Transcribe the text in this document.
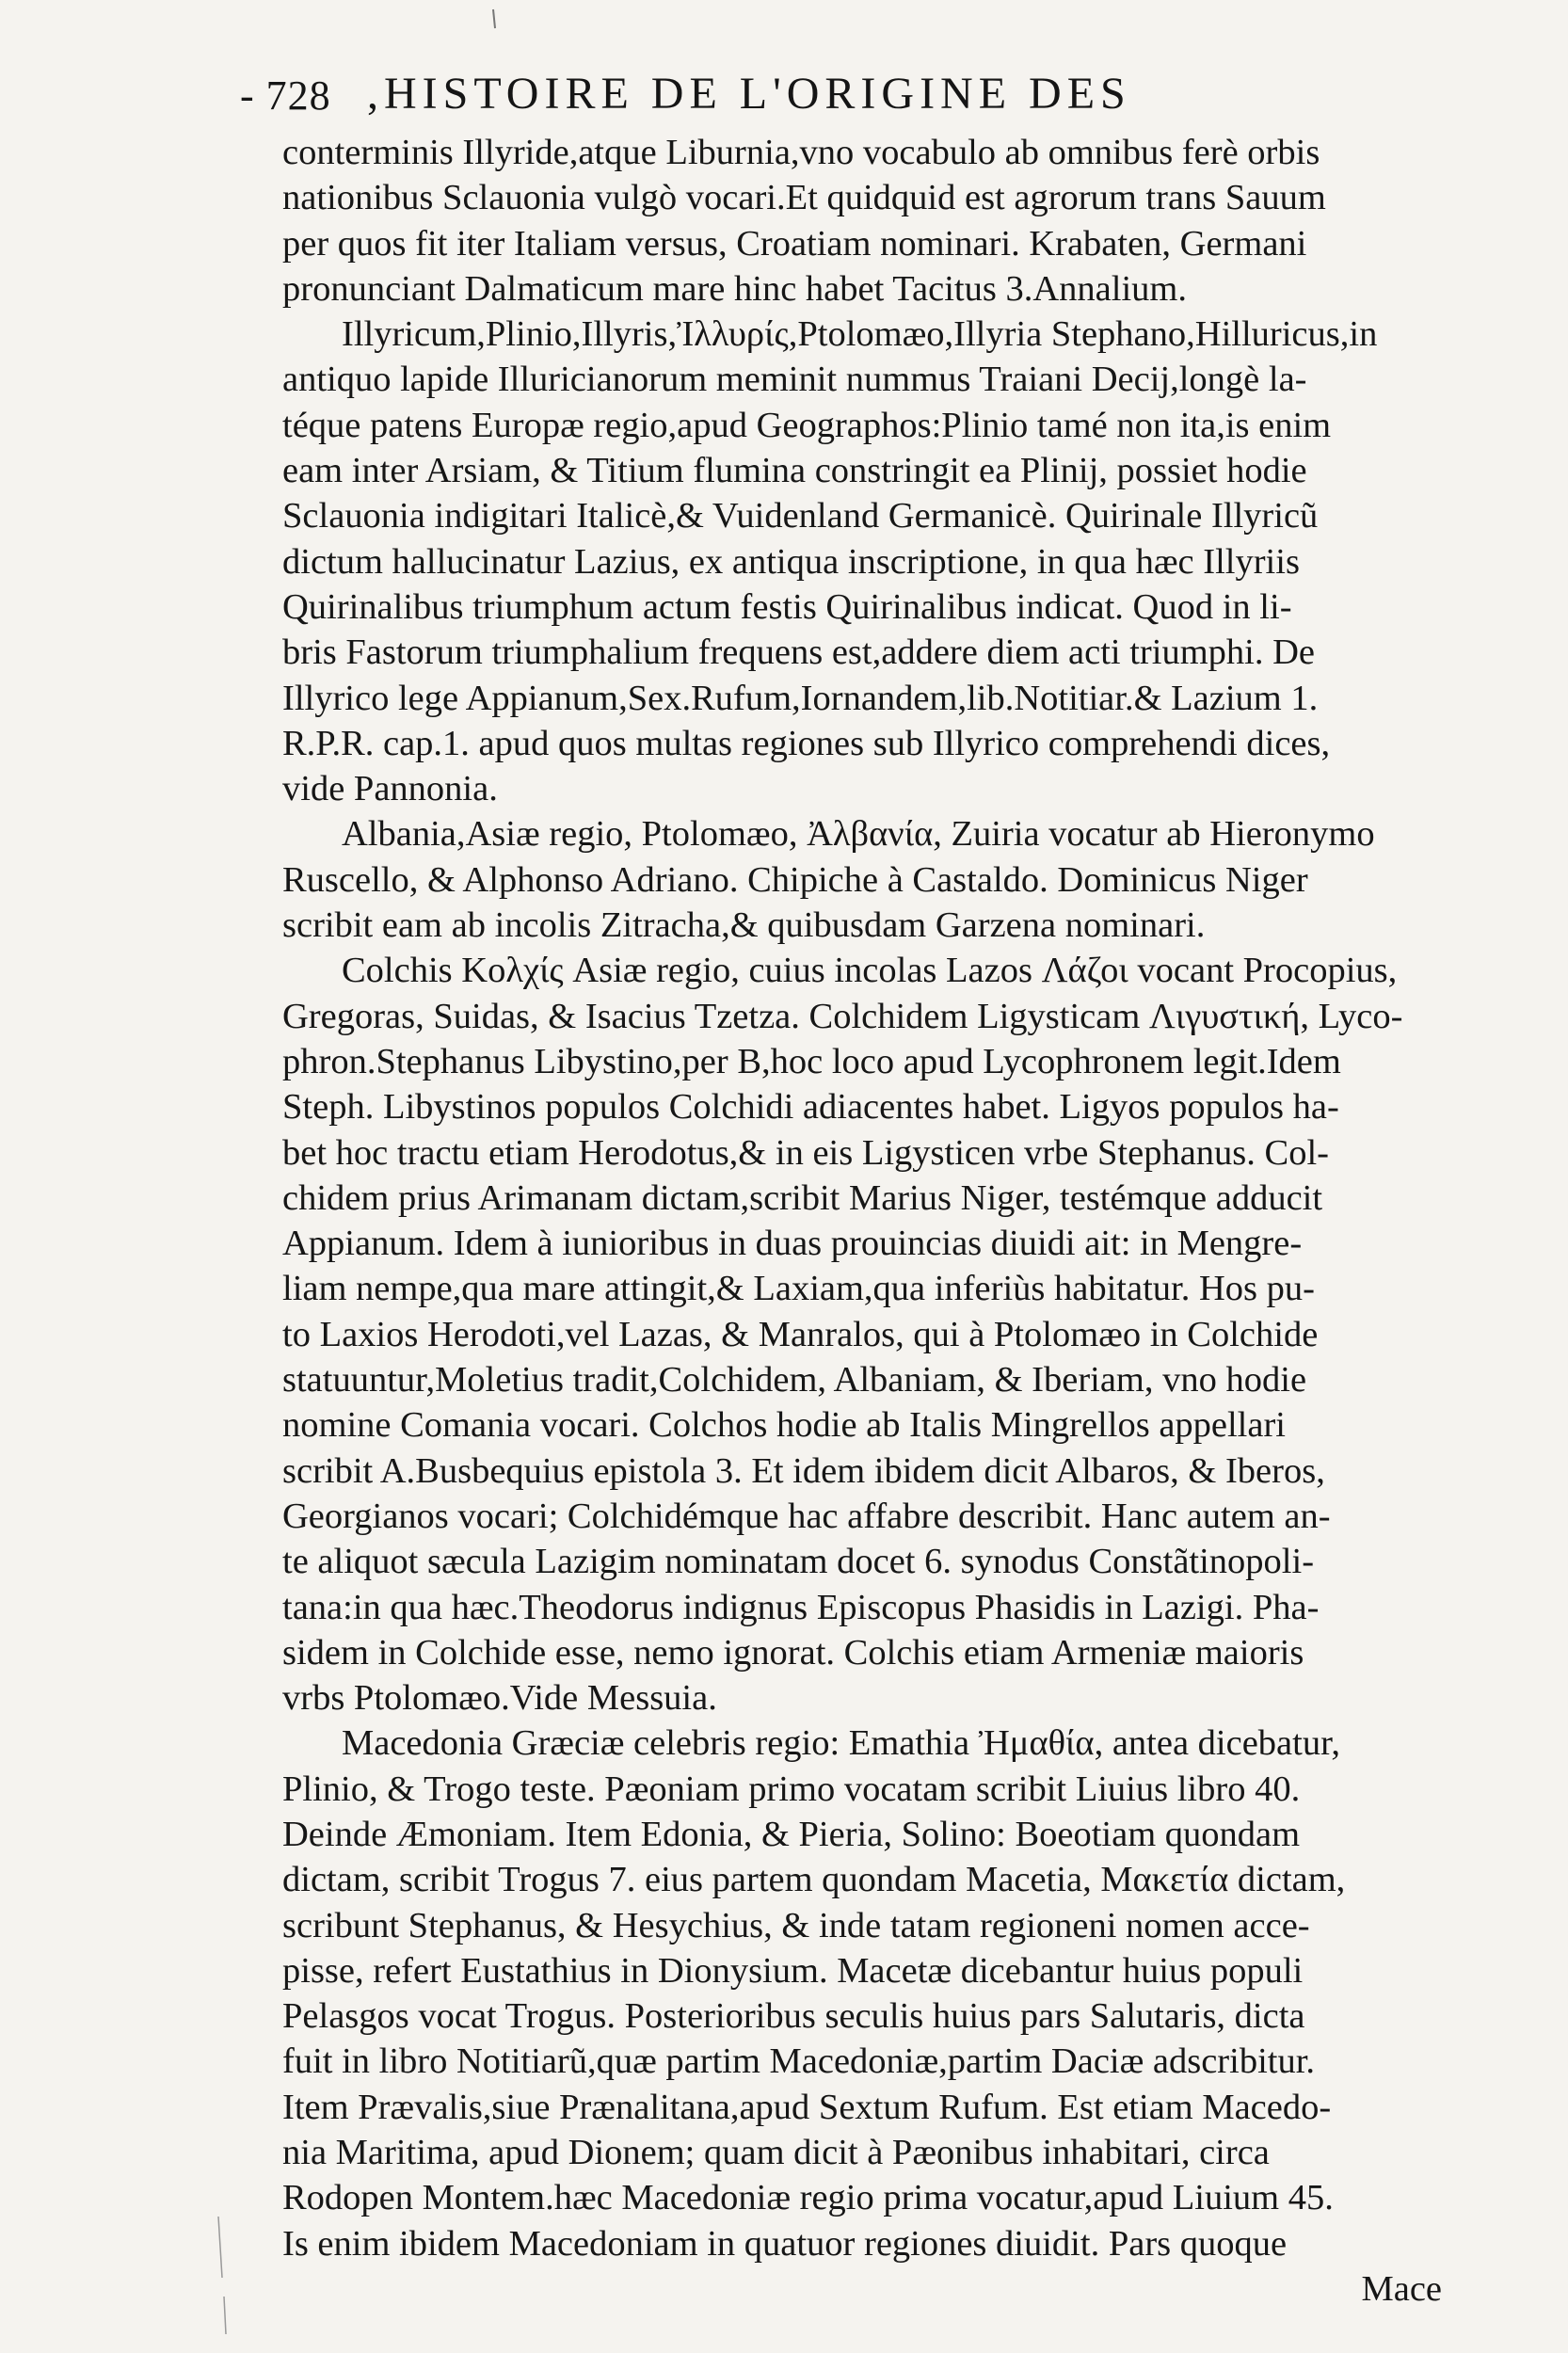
- 728 ,HISTOIRE DE L'ORIGINE DES
conterminis Illyride,atque Liburnia,vno vocabulo ab omnibus ferè orbis
nationibus Sclauonia vulgò vocari.Et quidquid est agrorum trans Sauum
per quos fit iter Italiam versus, Croatiam nominari. Krabaten, Germani
pronunciant Dalmaticum mare hinc habet Tacitus 3.Annalium.
Illyricum,Plinio,Illyris,Ἰλλυρίς,Ptolomæo,Illyria Stephano,Hilluricus,in
antiquo lapide Illuricianorum meminit nummus Traiani Decij,longè la-
téque patens Europæ regio,apud Geographos:Plinio tamé non ita,is enim
eam inter Arsiam, & Titium flumina constringit ea Plinij, possiet hodie
Sclauonia indigitari Italicè,& Vuidenland Germanicè. Quirinale Illyricũ
dictum hallucinatur Lazius, ex antiqua inscriptione, in qua hæc Illyriis
Quirinalibus triumphum actum festis Quirinalibus indicat. Quod in li-
bris Fastorum triumphalium frequens est,addere diem acti triumphi. De
Illyrico lege Appianum,Sex.Rufum,Iornandem,lib.Notitiar.& Lazium 1.
R.P.R. cap.1. apud quos multas regiones sub Illyrico comprehendi dices,
vide Pannonia.
Albania,Asiæ regio, Ptolomæo, Ἀλβανία, Zuiria vocatur ab Hieronymo
Ruscello, & Alphonso Adriano. Chipiche à Castaldo. Dominicus Niger
scribit eam ab incolis Zitracha,& quibusdam Garzena nominari.
Colchis Κολχίς Asiæ regio, cuius incolas Lazos Λάζοι vocant Procopius,
Gregoras, Suidas, & Isacius Tzetza. Colchidem Ligysticam Λιγυστική, Lyco-
phron.Stephanus Libystino,per B,hoc loco apud Lycophronem legit.Idem
Steph. Libystinos populos Colchidi adiacentes habet. Ligyos populos ha-
bet hoc tractu etiam Herodotus,& in eis Ligysticen vrbe Stephanus. Col-
chidem prius Arimanam dictam,scribit Marius Niger, testémque adducit
Appianum. Idem à iunioribus in duas prouincias diuidi ait: in Mengre-
liam nempe,qua mare attingit,& Laxiam,qua inferiùs habitatur. Hos pu-
to Laxios Herodoti,vel Lazas, & Manralos, qui à Ptolomæo in Colchide
statuuntur,Moletius tradit,Colchidem, Albaniam, & Iberiam, vno hodie
nomine Comania vocari. Colchos hodie ab Italis Mingrellos appellari
scribit A.Busbequius epistola 3. Et idem ibidem dicit Albaros, & Iberos,
Georgianos vocari; Colchidémque hac affabre describit. Hanc autem an-
te aliquot sæcula Lazigim nominatam docet 6. synodus Constãtinopoli-
tana:in qua hæc.Theodorus indignus Episcopus Phasidis in Lazigi. Pha-
sidem in Colchide esse, nemo ignorat. Colchis etiam Armeniæ maioris
vrbs Ptolomæo.Vide Messuia.
Macedonia Græciæ celebris regio: Emathia Ἠμαθία, antea dicebatur,
Plinio, & Trogo teste. Pæoniam primo vocatam scribit Liuius libro 40.
Deinde Æmoniam. Item Edonia, & Pieria, Solino: Boeotiam quondam
dictam, scribit Trogus 7. eius partem quondam Macetia, Μακετία dictam,
scribunt Stephanus, & Hesychius, & inde tatam regioneni nomen acce-
pisse, refert Eustathius in Dionysium. Macetæ dicebantur huius populi
Pelasgos vocat Trogus. Posterioribus seculis huius pars Salutaris, dicta
fuit in libro Notitiarũ,quæ partim Macedoniæ,partim Daciæ adscribitur.
Item Prævalis,siue Prænalitana,apud Sextum Rufum. Est etiam Macedo-
nia Maritima, apud Dionem; quam dicit à Pæonibus inhabitari, circa
Rodopen Montem.hæc Macedoniæ regio prima vocatur,apud Liuium 45.
Is enim ibidem Macedoniam in quatuor regiones diuidit. Pars quoque
Mace
